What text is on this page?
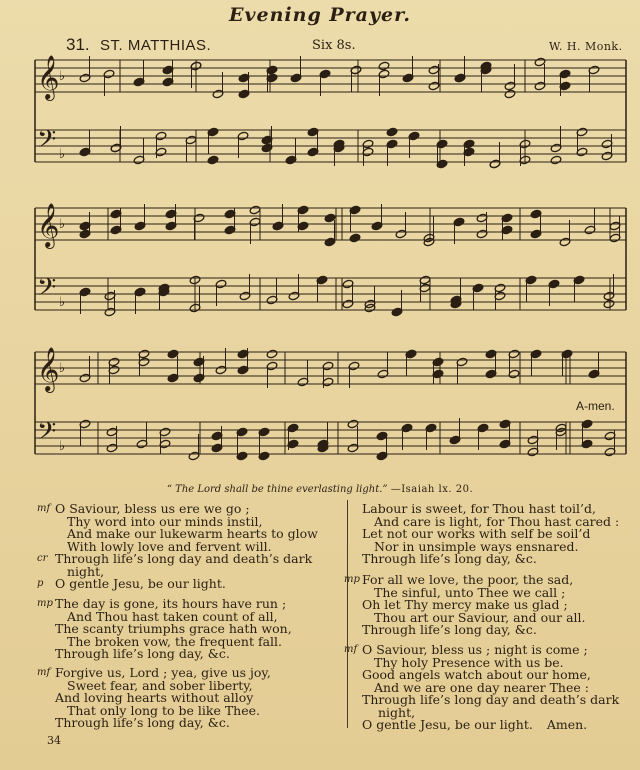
Evening Prayer.
31. ST. MATTHIAS.	Six 8s.	W. H. Monk.
𝄞 ♭
𝄢 ♭
𝄞 ♭
𝄢 ♭
𝄞 ♭
𝄢 ♭
A-men.
“ The Lord shall be thine everlasting light.” —Isaiah lx. 20.
O Saviour, bless us ere we go ;
mf
Thy word into our minds instil,
And make our lukewarm hearts to glow
With lowly love and fervent will.
Through life’s long day and death’s dark
cr
night,
O gentle Jesu, be our light.
p
The day is gone, its hours have run ;
mp
And Thou hast taken count of all,
The scanty triumphs grace hath won,
The broken vow, the frequent fall.
Through life’s long day, &c.
Forgive us, Lord ; yea, give us joy,
mf
Sweet fear, and sober liberty,
And loving hearts without alloy
That only long to be like Thee.
Through life’s long day, &c.
Labour is sweet, for Thou hast toil’d,
And care is light, for Thou hast cared :
Let not our works with self be soil’d
Nor in unsimple ways ensnared.
Through life’s long day, &c.
For all we love, the poor, the sad,
mp
The sinful, unto Thee we call ;
Oh let Thy mercy make us glad ;
Thou art our Saviour, and our all.
Through life’s long day, &c.
O Saviour, bless us ; night is come ;
mf
Thy holy Presence with us be.
Good angels watch about our home,
And we are one day nearer Thee :
Through life’s long day and death’s dark
night,
O gentle Jesu, be our light. Amen.
34
